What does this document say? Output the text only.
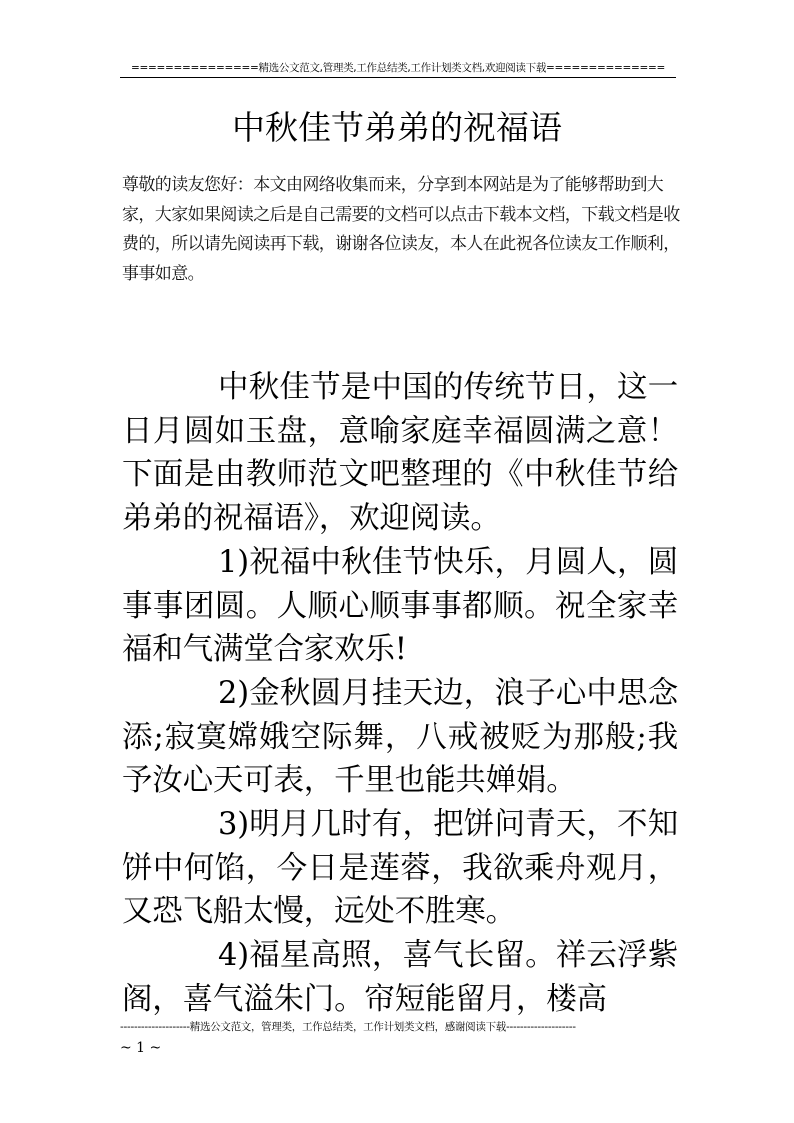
===============精选公文范文,管理类,工作总结类,工作计划类文档,欢迎阅读下载==============
中秋佳节弟弟的祝福语
尊敬的读友您好：本文由网络收集而来，分享到本网站是为了能够帮助到大家，大家如果阅读之后是自己需要的文档可以点击下载本文档，下载文档是收费的，所以请先阅读再下载，谢谢各位读友，本人在此祝各位读友工作顺利，事事如意。

中秋佳节是中国的传统节日，这一日月圆如玉盘，意喻家庭幸福圆满之意！下面是由教师范文吧整理的《中秋佳节给弟弟的祝福语》，欢迎阅读。

1)祝福中秋佳节快乐，月圆人，圆事事团圆。人顺心顺事事都顺。祝全家幸福和气满堂合家欢乐!

2)金秋圆月挂天边，浪子心中思念添;寂寞嫦娥空际舞，八戒被贬为那般;我予汝心天可表，千里也能共婵娟。

3)明月几时有，把饼问青天，不知饼中何馅，今日是莲蓉，我欲乘舟观月，又恐飞船太慢，远处不胜寒。

4)福星高照，喜气长留。祥云浮紫阁，喜气溢朱门。帘短能留月，楼高

--------------------精选公文范文，管理类，工作总结类，工作计划类文档，感谢阅读下载--------------------
~ 1 ~
